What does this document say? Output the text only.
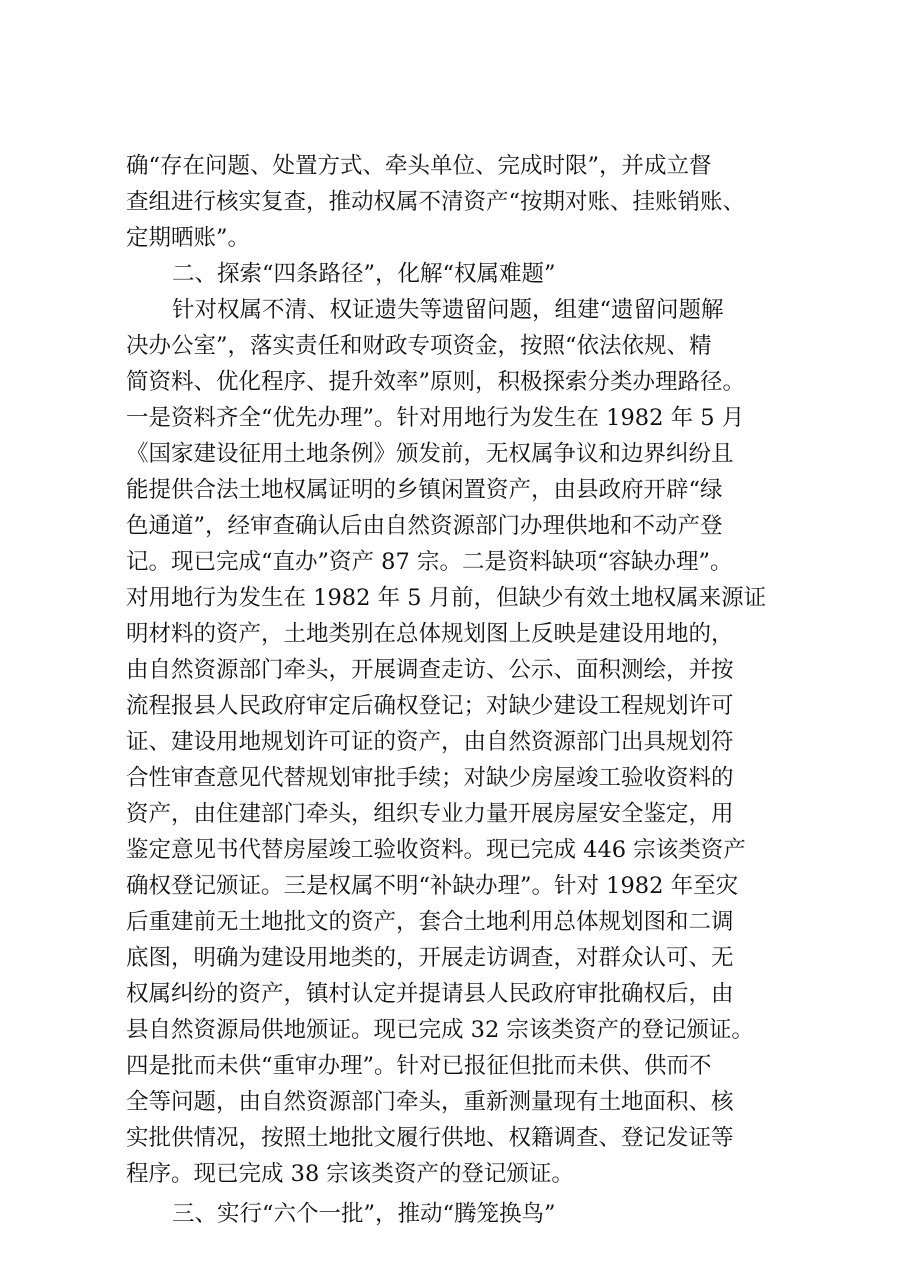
确“存在问题、处置方式、牵头单位、完成时限”，并成立督
查组进行核实复查，推动权属不清资产“按期对账、挂账销账、
定期晒账”。
二、探索“四条路径”，化解“权属难题”
针对权属不清、权证遗失等遗留问题，组建“遗留问题解
决办公室”，落实责任和财政专项资金，按照“依法依规、精
简资料、优化程序、提升效率”原则，积极探索分类办理路径。
一是资料齐全“优先办理”。针对用地行为发生在 1982 年 5 月
《国家建设征用土地条例》颁发前，无权属争议和边界纠纷且
能提供合法土地权属证明的乡镇闲置资产，由县政府开辟“绿
色通道”，经审查确认后由自然资源部门办理供地和不动产登
记。现已完成“直办”资产 87 宗。二是资料缺项“容缺办理”。
对用地行为发生在 1982 年 5 月前，但缺少有效土地权属来源证
明材料的资产，土地类别在总体规划图上反映是建设用地的，
由自然资源部门牵头，开展调查走访、公示、面积测绘，并按
流程报县人民政府审定后确权登记；对缺少建设工程规划许可
证、建设用地规划许可证的资产，由自然资源部门出具规划符
合性审查意见代替规划审批手续；对缺少房屋竣工验收资料的
资产，由住建部门牵头，组织专业力量开展房屋安全鉴定，用
鉴定意见书代替房屋竣工验收资料。现已完成 446 宗该类资产
确权登记颁证。三是权属不明“补缺办理”。针对 1982 年至灾
后重建前无土地批文的资产，套合土地利用总体规划图和二调
底图，明确为建设用地类的，开展走访调查，对群众认可、无
权属纠纷的资产，镇村认定并提请县人民政府审批确权后，由
县自然资源局供地颁证。现已完成 32 宗该类资产的登记颁证。
四是批而未供“重审办理”。针对已报征但批而未供、供而不
全等问题，由自然资源部门牵头，重新测量现有土地面积、核
实批供情况，按照土地批文履行供地、权籍调查、登记发证等
程序。现已完成 38 宗该类资产的登记颁证。
三、实行“六个一批”，推动“腾笼换鸟”
